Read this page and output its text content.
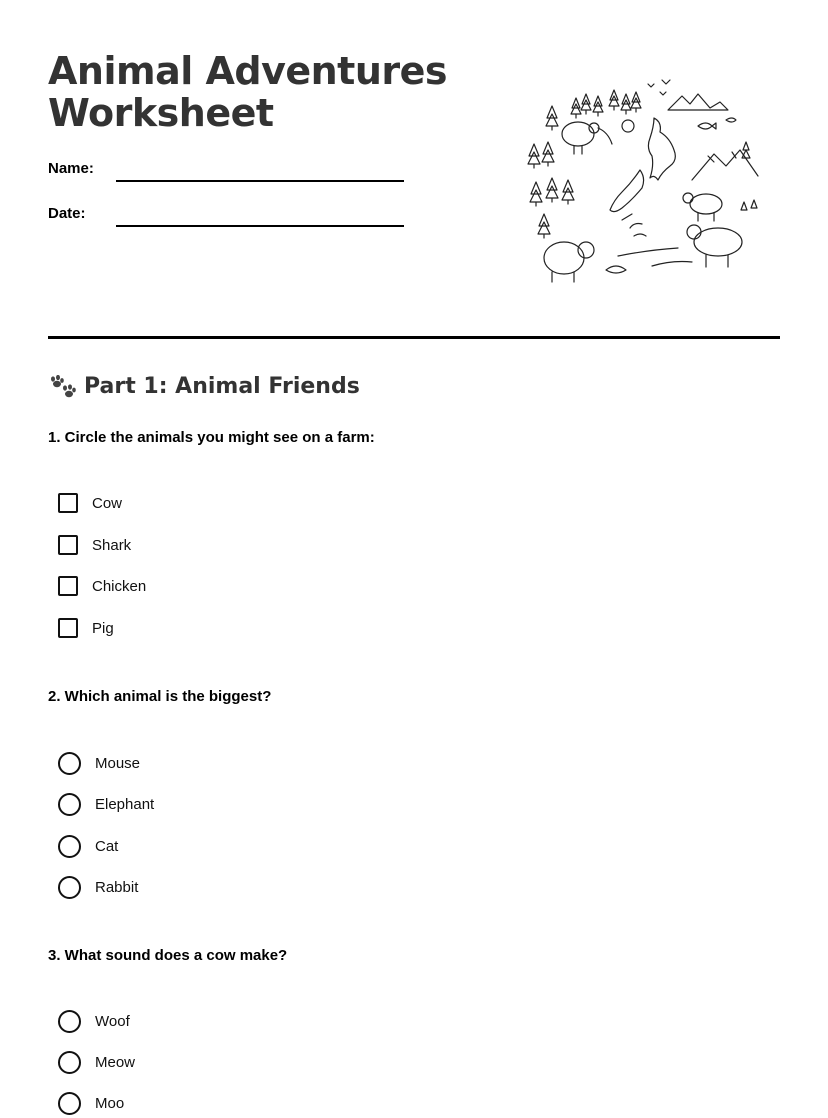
Animal Adventures
Worksheet
Name:
Date:
Part 1: Animal Friends

1. Circle the animals you might see on a farm:

Cow
Shark
Chicken
Pig

2. Which animal is the biggest?

Mouse
Elephant
Cat
Rabbit

3. What sound does a cow make?

Woof
Meow
Moo
